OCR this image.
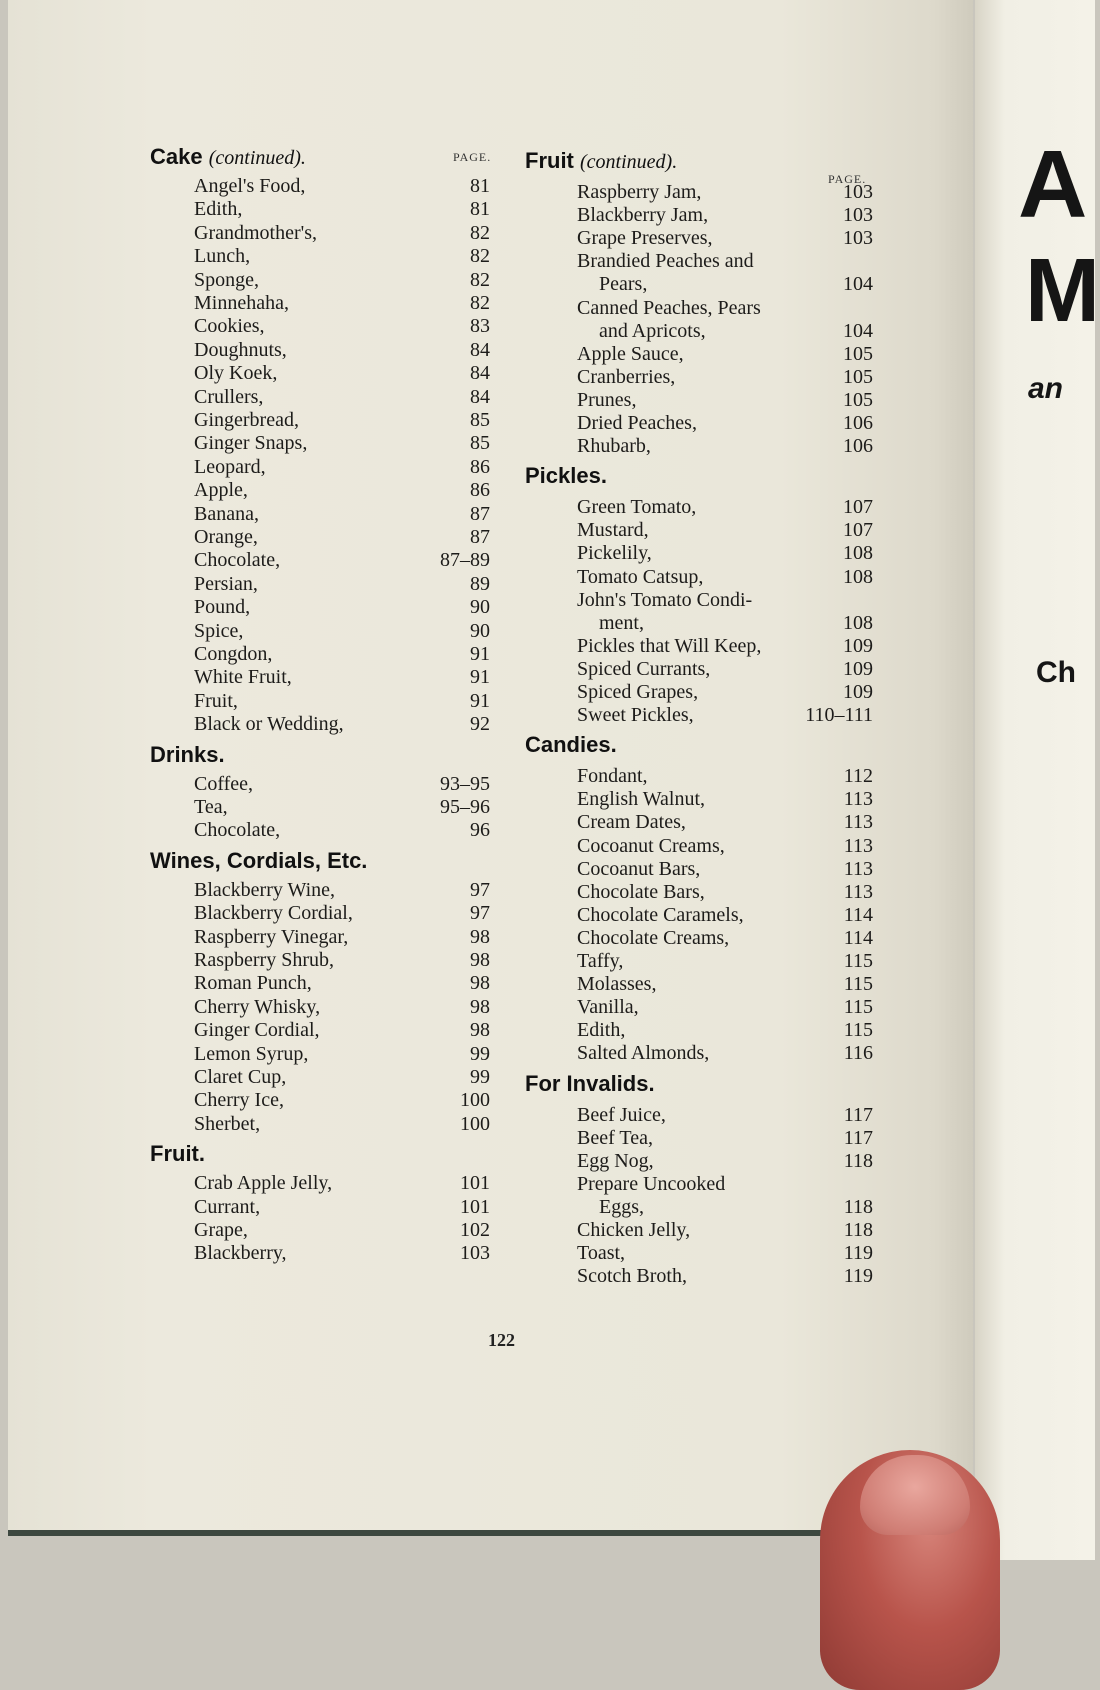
A
M
an
Ch
Cake (continued).	PAGE.
Angel's Food,	81
Edith,	81
Grandmother's,	82
Lunch,	82
Sponge,	82
Minnehaha,	82
Cookies,	83
Doughnuts,	84
Oly Koek,	84
Crullers,	84
Gingerbread,	85
Ginger Snaps,	85
Leopard,	86
Apple,	86
Banana,	87
Orange,	87
Chocolate,	87–89
Persian,	89
Pound,	90
Spice,	90
Congdon,	91
White Fruit,	91
Fruit,	91
Black or Wedding,	92
Drinks.
Coffee,	93–95
Tea,	95–96
Chocolate,	96
Wines, Cordials, Etc.
Blackberry Wine,	97
Blackberry Cordial,	97
Raspberry Vinegar,	98
Raspberry Shrub,	98
Roman Punch,	98
Cherry Whisky,	98
Ginger Cordial,	98
Lemon Syrup,	99
Claret Cup,	99
Cherry Ice,	100
Sherbet,	100
Fruit.
Crab Apple Jelly,	101
Currant,	101
Grape,	102
Blackberry,	103
Fruit (continued).
PAGE.
Raspberry Jam,	103
Blackberry Jam,	103
Grape Preserves,	103
Brandied Peaches and
Pears,	104
Canned Peaches, Pears
and Apricots,	104
Apple Sauce,	105
Cranberries,	105
Prunes,	105
Dried Peaches,	106
Rhubarb,	106
Pickles.
Green Tomato,	107
Mustard,	107
Pickelily,	108
Tomato Catsup,	108
John's Tomato Condi-
ment,	108
Pickles that Will Keep,	109
Spiced Currants,	109
Spiced Grapes,	109
Sweet Pickles,	110–111
Candies.
Fondant,	112
English Walnut,	113
Cream Dates,	113
Cocoanut Creams,	113
Cocoanut Bars,	113
Chocolate Bars,	113
Chocolate Caramels,	114
Chocolate Creams,	114
Taffy,	115
Molasses,	115
Vanilla,	115
Edith,	115
Salted Almonds,	116
For Invalids.
Beef Juice,	117
Beef Tea,	117
Egg Nog,	118
Prepare Uncooked
Eggs,	118
Chicken Jelly,	118
Toast,	119
Scotch Broth,	119
122
